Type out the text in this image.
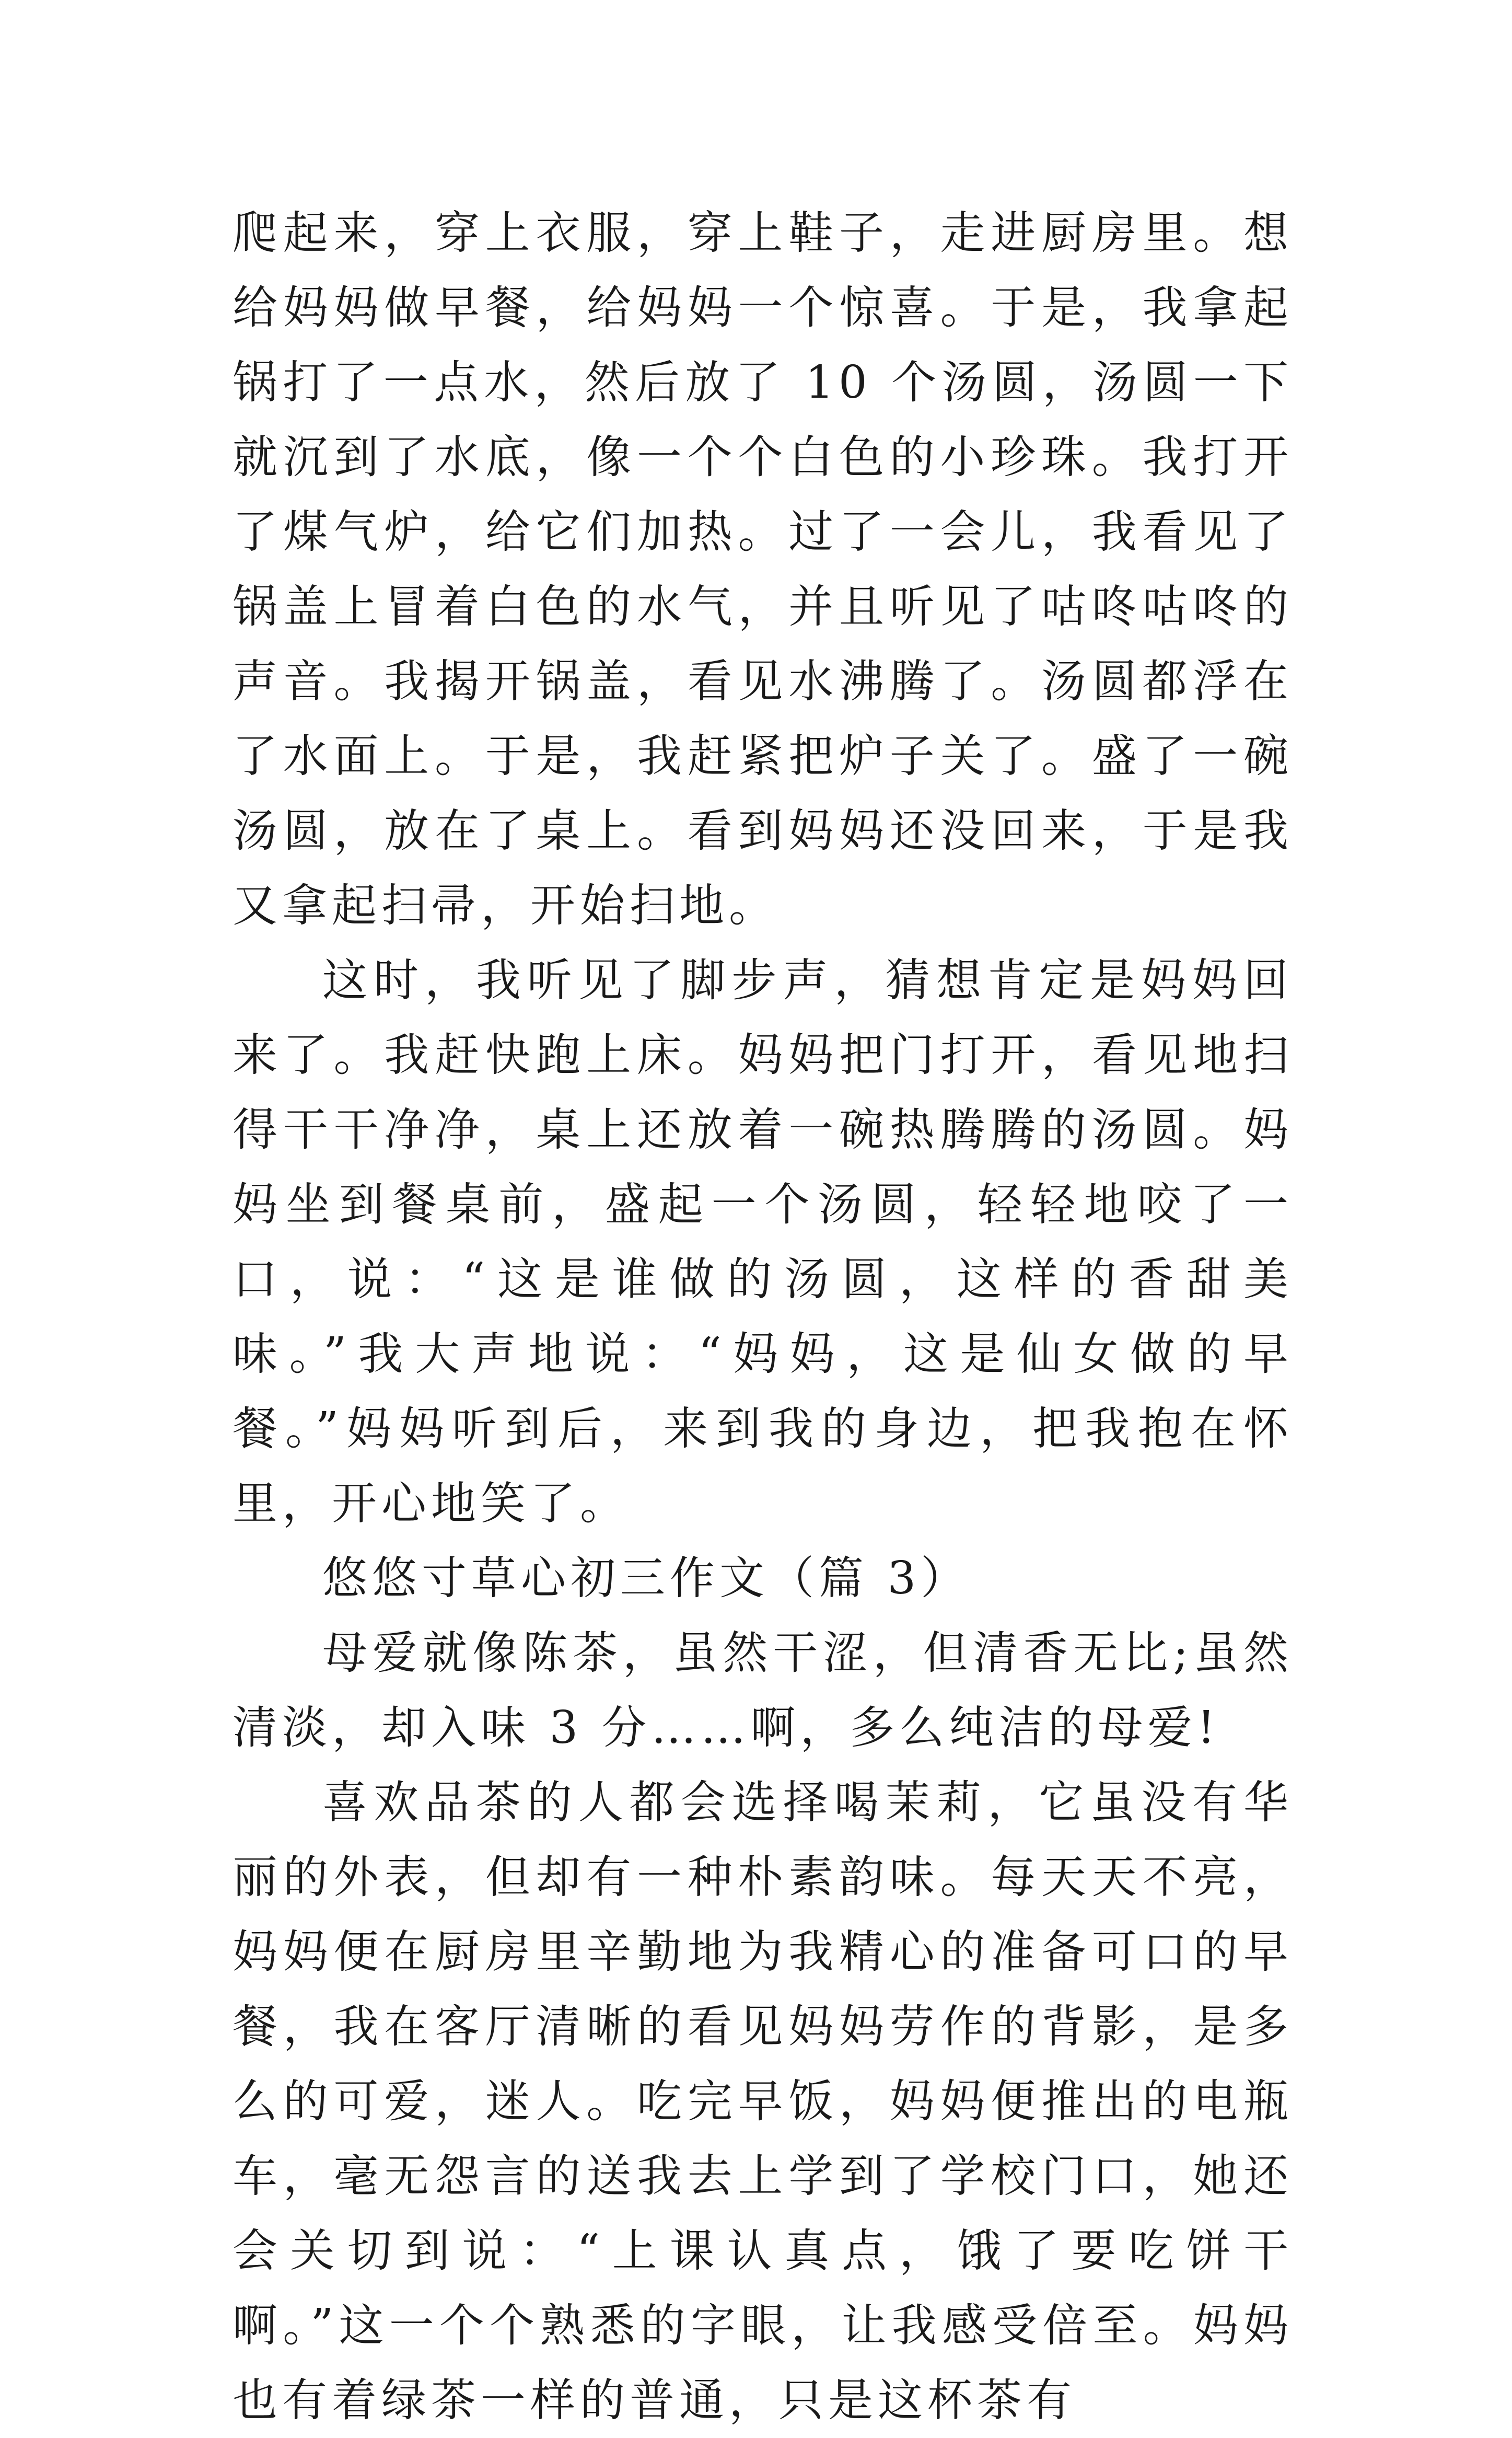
爬起来，穿上衣服，穿上鞋子，走进厨房里。想给妈妈做早餐，给妈妈一个惊喜。于是，我拿起锅打了一点水，然后放了 10 个汤圆，汤圆一下就沉到了水底，像一个个白色的小珍珠。我打开了煤气炉，给它们加热。过了一会儿，我看见了锅盖上冒着白色的水气，并且听见了咕咚咕咚的声音。我揭开锅盖，看见水沸腾了。汤圆都浮在了水面上。于是，我赶紧把炉子关了。盛了一碗汤圆，放在了桌上。看到妈妈还没回来，于是我又拿起扫帚，开始扫地。

这时，我听见了脚步声，猜想肯定是妈妈回来了。我赶快跑上床。妈妈把门打开，看见地扫得干干净净，桌上还放着一碗热腾腾的汤圆。妈妈坐到餐桌前，盛起一个汤圆，轻轻地咬了一口，说：“这是谁做的汤圆，这样的香甜美味。”我大声地说：“妈妈，这是仙女做的早餐。”妈妈听到后，来到我的身边，把我抱在怀里，开心地笑了。

悠悠寸草心初三作文（篇 3）

母爱就像陈茶，虽然干涩，但清香无比;虽然清淡，却入味 3 分……啊，多么纯洁的母爱!

喜欢品茶的人都会选择喝茉莉，它虽没有华丽的外表，但却有一种朴素韵味。每天天不亮，妈妈便在厨房里辛勤地为我精心的准备可口的早餐，我在客厅清晰的看见妈妈劳作的背影，是多么的可爱，迷人。吃完早饭，妈妈便推出的电瓶车，毫无怨言的送我去上学到了学校门口，她还会关切到说：“上课认真点，饿了要吃饼干啊。”这一个个熟悉的字眼，让我感受倍至。妈妈也有着绿茶一样的普通，只是这杯茶有
